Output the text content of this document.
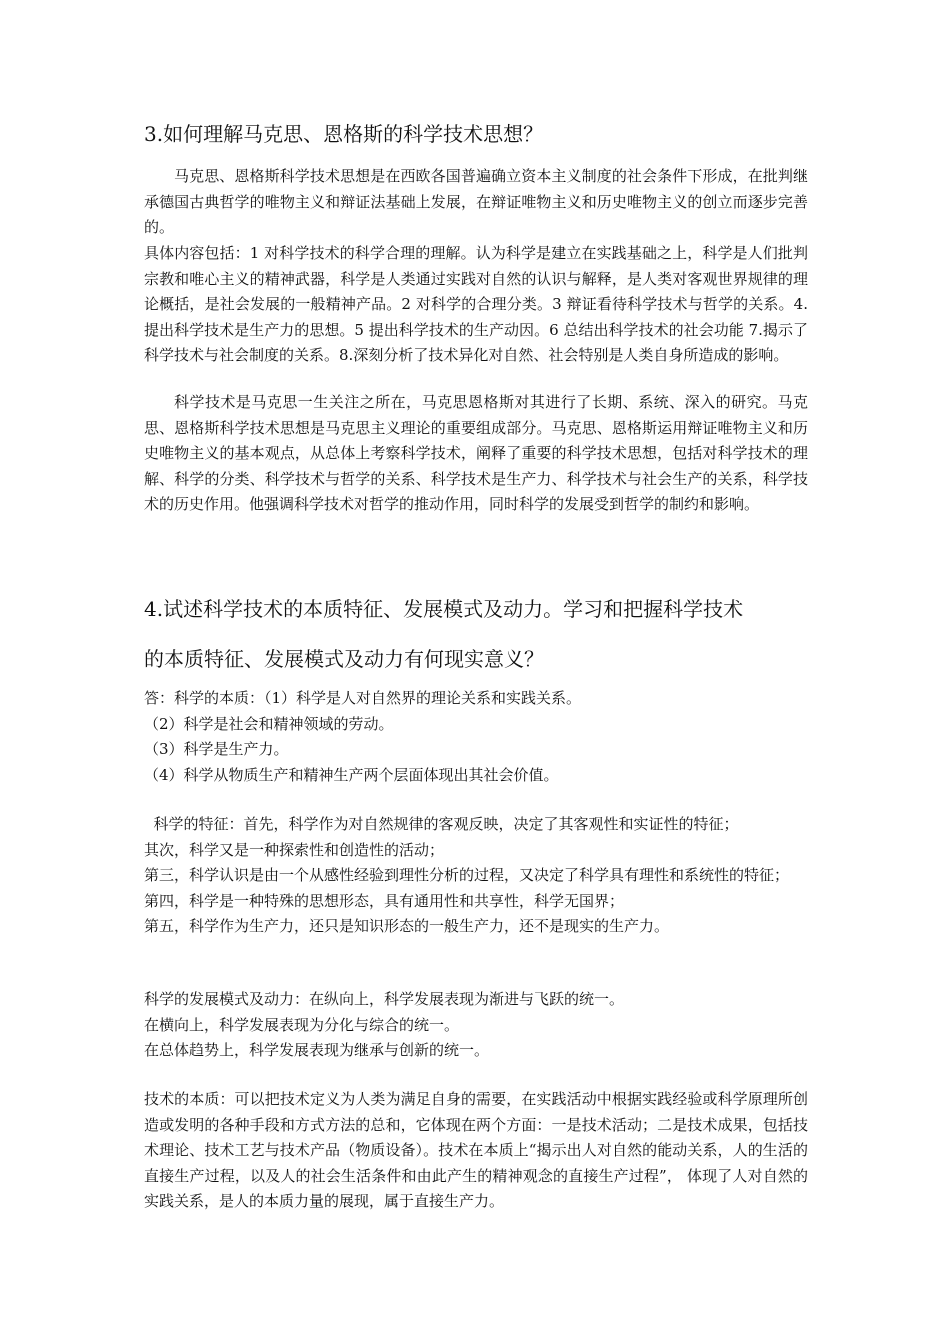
3.如何理解马克思、恩格斯的科学技术思想？

马克思、恩格斯科学技术思想是在西欧各国普遍确立资本主义制度的社会条件下形成，在批判继承德国古典哲学的唯物主义和辩证法基础上发展，在辩证唯物主义和历史唯物主义的创立而逐步完善的。

具体内容包括：1 对科学技术的科学合理的理解。认为科学是建立在实践基础之上，科学是人们批判宗教和唯心主义的精神武器，科学是人类通过实践对自然的认识与解释，是人类对客观世界规律的理论概括，是社会发展的一般精神产品。2 对科学的合理分类。3 辩证看待科学技术与哲学的关系。4.提出科学技术是生产力的思想。5 提出科学技术的生产动因。6 总结出科学技术的社会功能 7.揭示了科学技术与社会制度的关系。8.深刻分析了技术异化对自然、社会特别是人类自身所造成的影响。

科学技术是马克思一生关注之所在，马克思恩格斯对其进行了长期、系统、深入的研究。马克思、恩格斯科学技术思想是马克思主义理论的重要组成部分。马克思、恩格斯运用辩证唯物主义和历史唯物主义的基本观点，从总体上考察科学技术，阐释了重要的科学技术思想，包括对科学技术的理解、科学的分类、科学技术与哲学的关系、科学技术是生产力、科学技术与社会生产的关系，科学技术的历史作用。他强调科学技术对哲学的推动作用，同时科学的发展受到哲学的制约和影响。

4.试述科学技术的本质特征、发展模式及动力。学习和把握科学技术
的本质特征、发展模式及动力有何现实意义？
答：科学的本质：（1）科学是人对自然界的理论关系和实践关系。
（2）科学是社会和精神领域的劳动。
（3）科学是生产力。
（4）科学从物质生产和精神生产两个层面体现出其社会价值。
科学的特征：首先，科学作为对自然规律的客观反映，决定了其客观性和实证性的特征；
其次，科学又是一种探索性和创造性的活动；
第三，科学认识是由一个从感性经验到理性分析的过程，又决定了科学具有理性和系统性的特征；
第四，科学是一种特殊的思想形态，具有通用性和共享性，科学无国界；
第五，科学作为生产力，还只是知识形态的一般生产力，还不是现实的生产力。
科学的发展模式及动力：在纵向上，科学发展表现为渐进与飞跃的统一。
在横向上，科学发展表现为分化与综合的统一。
在总体趋势上，科学发展表现为继承与创新的统一。

技术的本质：可以把技术定义为人类为满足自身的需要，在实践活动中根据实践经验或科学原理所创造或发明的各种手段和方式方法的总和，它体现在两个方面：一是技术活动；二是技术成果，包括技术理论、技术工艺与技术产品（物质设备）。技术在本质上“揭示出人对自然的能动关系，人的生活的直接生产过程，以及人的社会生活条件和由此产生的精神观念的直接生产过程”， 体现了人对自然的实践关系，是人的本质力量的展现，属于直接生产力。
